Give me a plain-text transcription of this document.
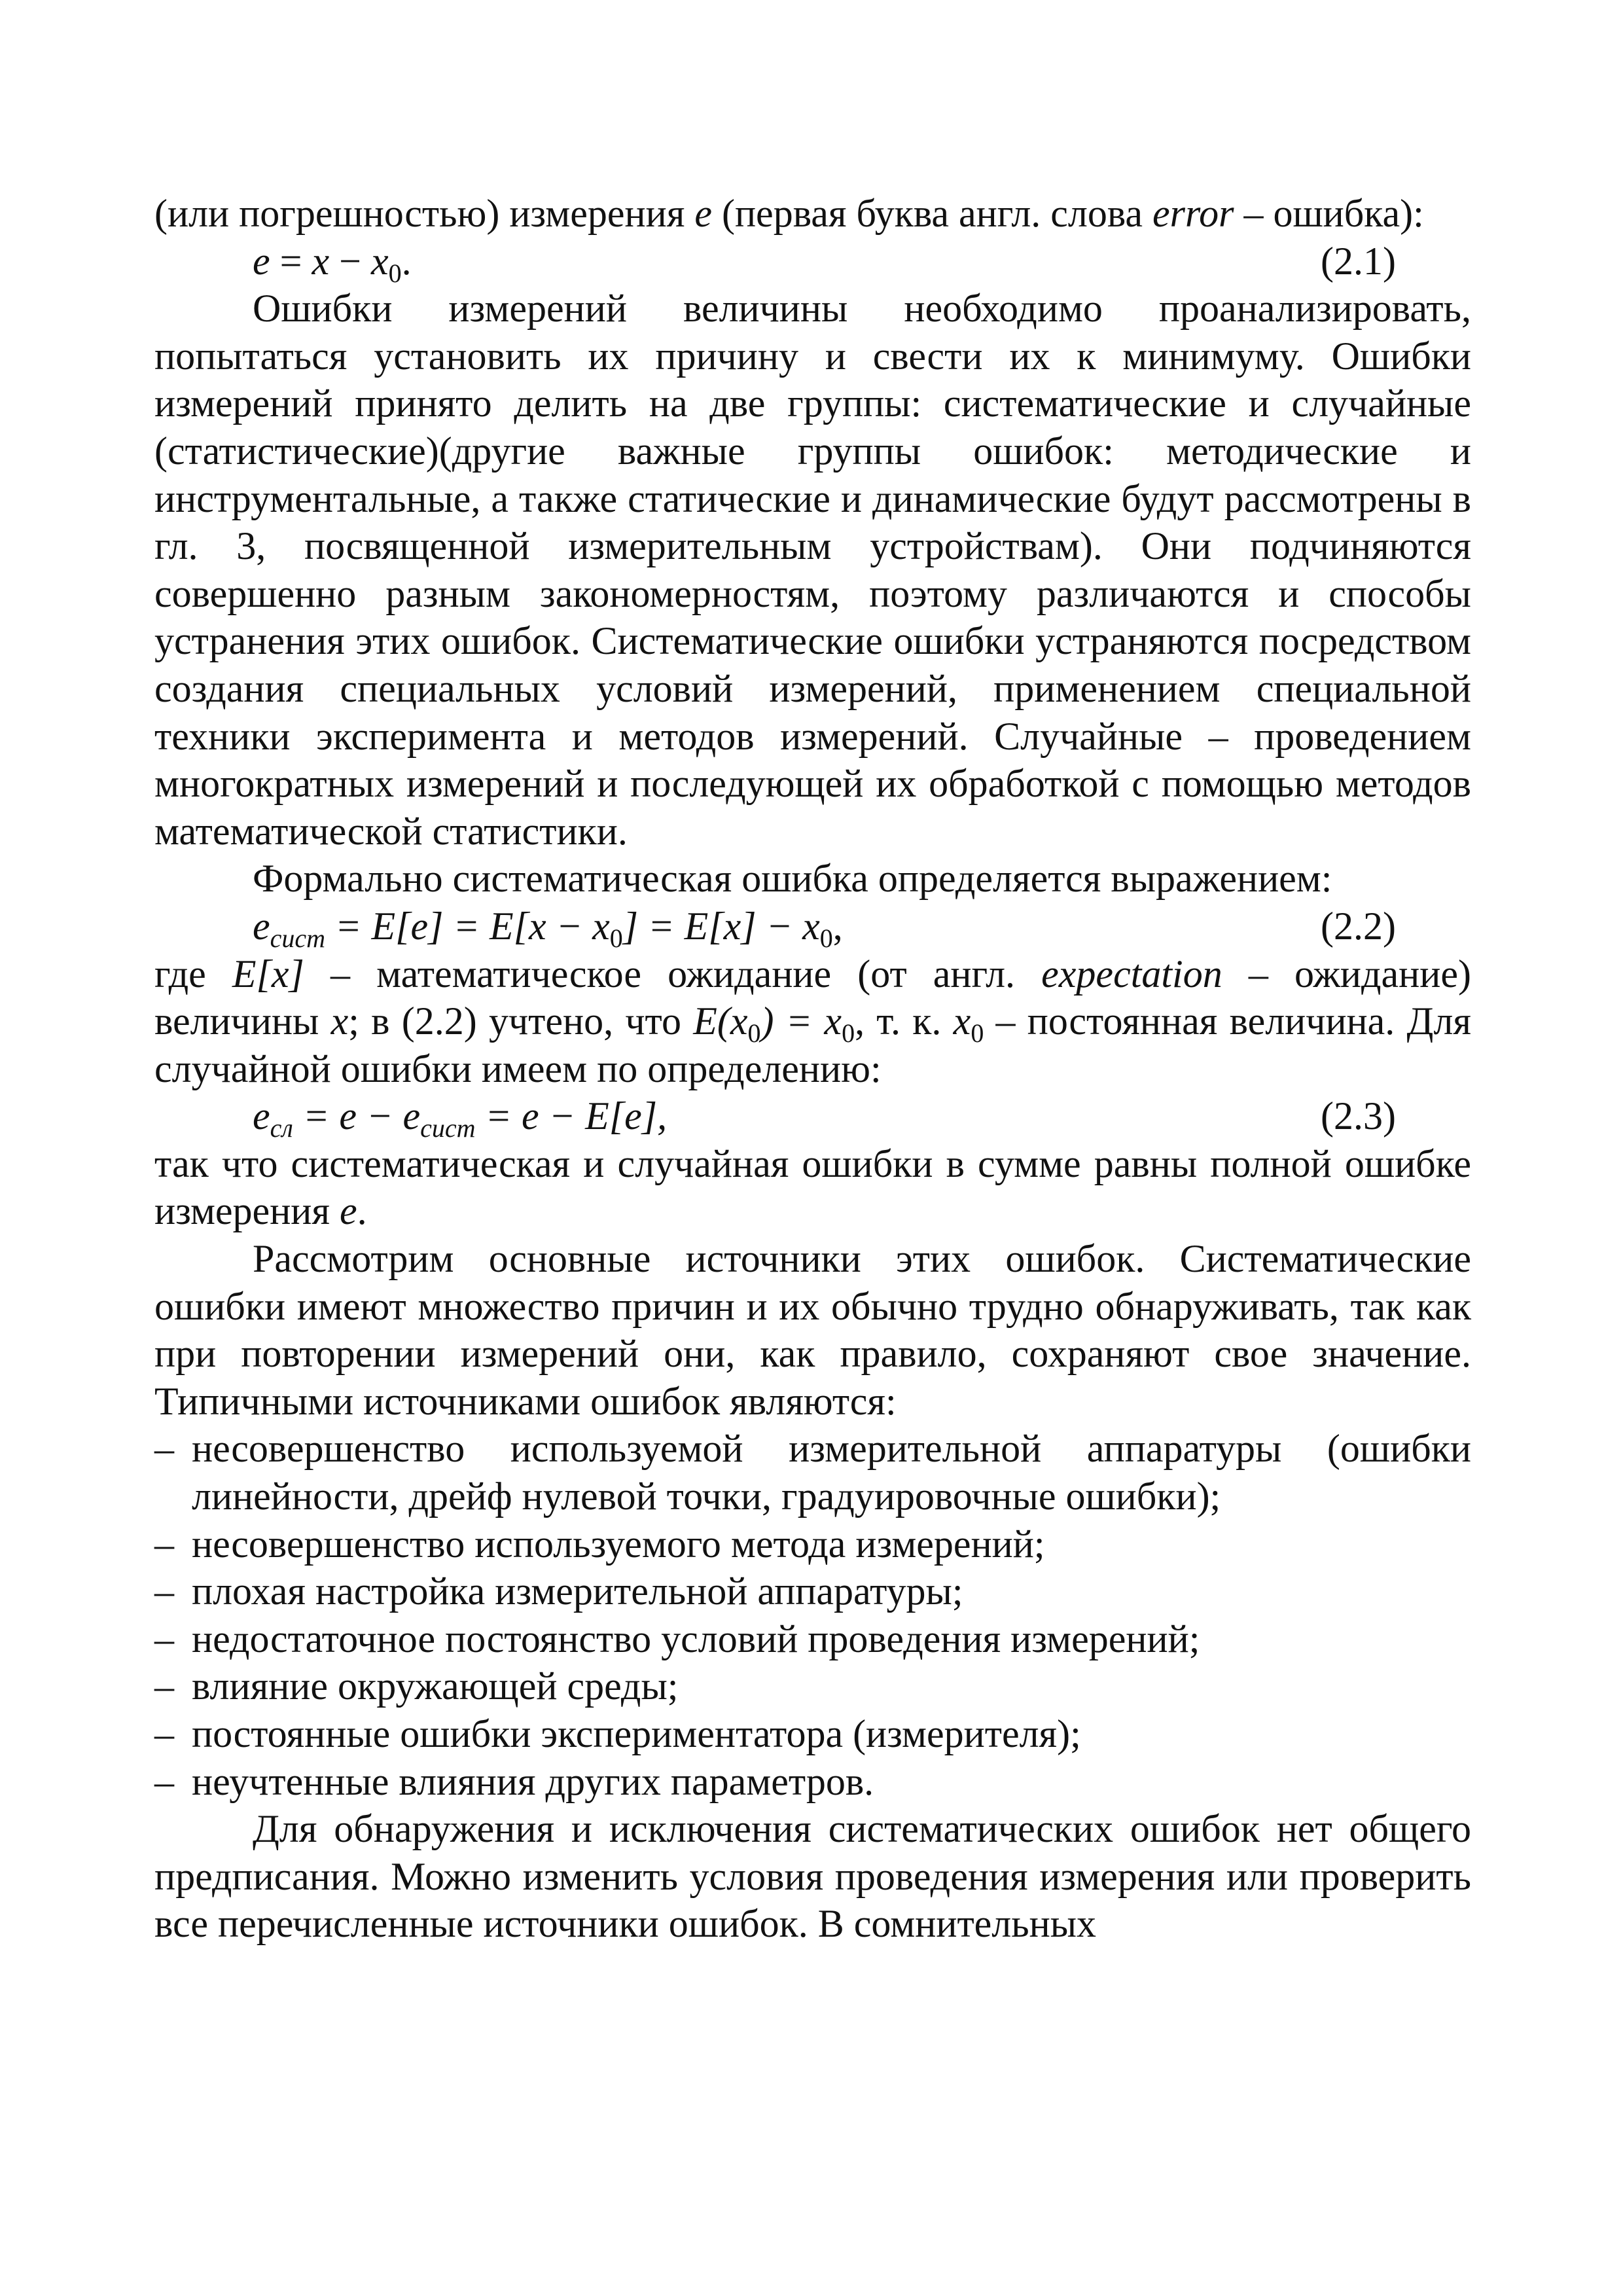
(или погрешностью) измерения e (первая буква англ. слова error – ошибка):

$e = x - x_0$.	(2.1)

Ошибки измерений величины необходимо проанализировать, попытаться установить их причину и свести их к минимуму. Ошибки измерений принято делить на две группы: систематические и случайные (статистические)(другие важные группы ошибок: методические и инструментальные, а также статические и динамические будут рассмотрены в гл. 3, посвященной измерительным устройствам). Они подчиняются совершенно разным закономерностям, поэтому различаются и способы устранения этих ошибок. Систематические ошибки устраняются посредством создания специальных условий измерений, применением специальной техники эксперимента и методов измерений. Случайные – проведением многократных измерений и последующей их обработкой с помощью методов математической статистики.

Формально систематическая ошибка определяется выражением:

$e_{сист} = E[e] = E[x - x_0] = E[x] - x_0$,	(2.2)

где E[x] – математическое ожидание (от англ. expectation – ожидание) величины x; в (2.2) учтено, что $E(x_0) = x_0$, т. к. $x_0$ – постоянная величина. Для случайной ошибки имеем по определению:

$e_{сл} = e - e_{сист} = e - E[e]$,	(2.3)

так что систематическая и случайная ошибки в сумме равны полной ошибке измерения e.

Рассмотрим основные источники этих ошибок. Систематические ошибки имеют множество причин и их обычно трудно обнаруживать, так как при повторении измерений они, как правило, сохраняют свое значение. Типичными источниками ошибок являются:

– несовершенство используемой измерительной аппаратуры (ошибки линейности, дрейф нулевой точки, градуировочные ошибки);
– несовершенство используемого метода измерений;
– плохая настройка измерительной аппаратуры;
– недостаточное постоянство условий проведения измерений;
– влияние окружающей среды;
– постоянные ошибки экспериментатора (измерителя);
– неучтенные влияния других параметров.

Для обнаружения и исключения систематических ошибок нет общего предписания. Можно изменить условия проведения измерения или проверить все перечисленные источники ошибок. В сомнительных
